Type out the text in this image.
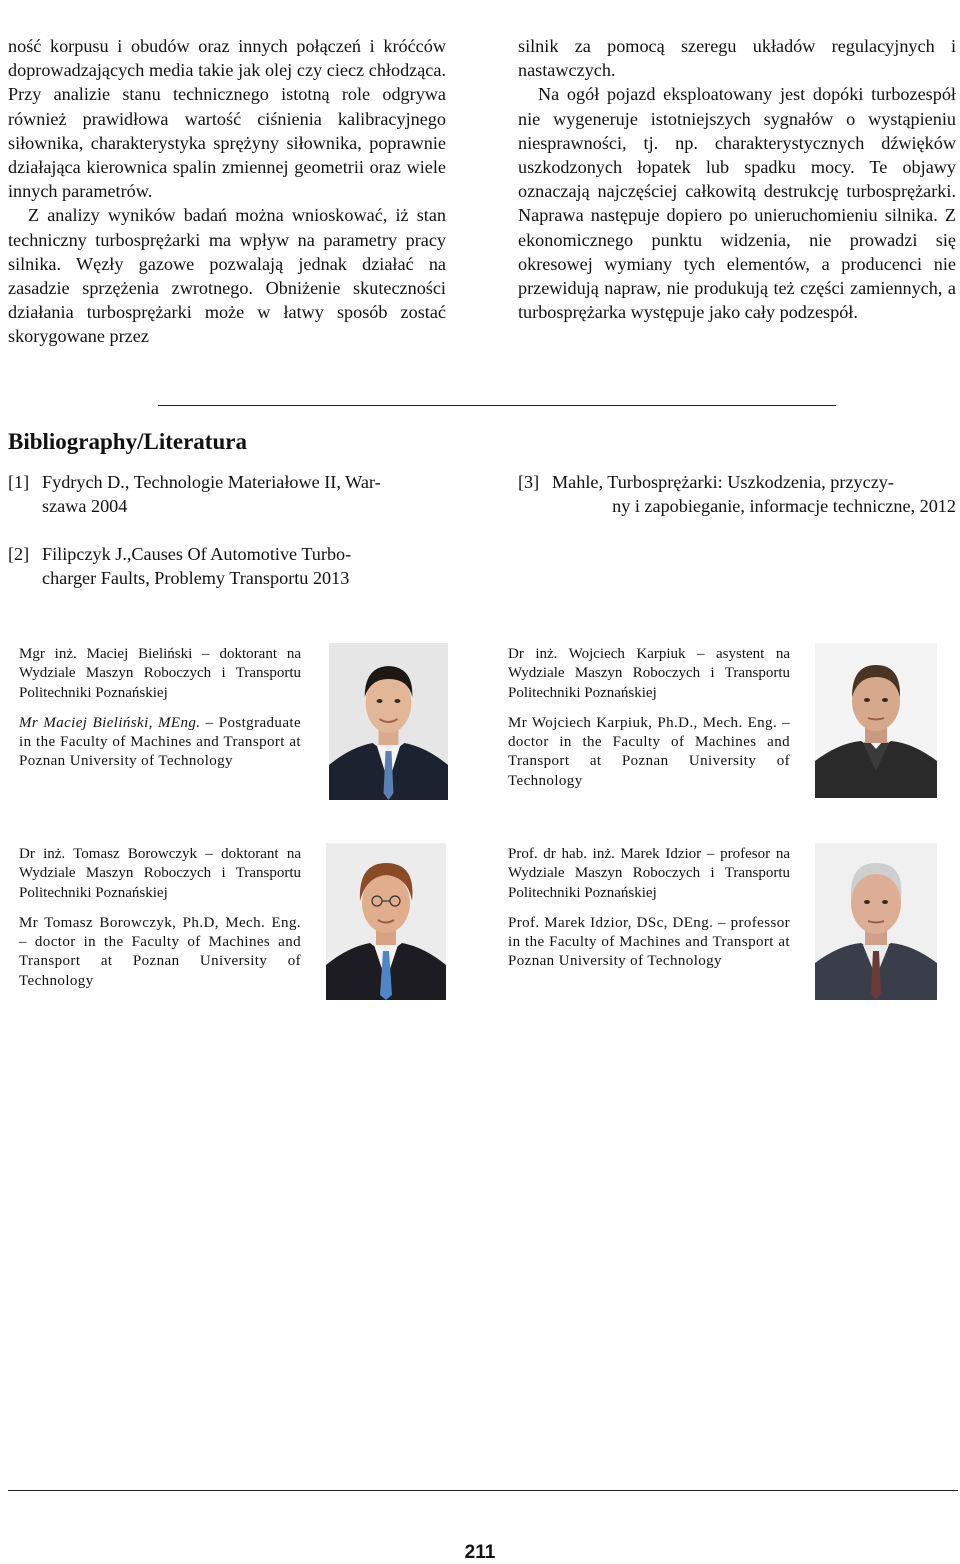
ność korpusu i obudów oraz innych połączeń i króćców doprowadzających media takie jak olej czy ciecz chłodząca. Przy analizie stanu technicznego istotną role odgrywa również prawidłowa wartość ciśnienia kalibracyjnego siłownika, charakterystyka sprężyny siłownika, poprawnie działająca kierownica spalin zmiennej geometrii oraz wiele innych parametrów.

Z analizy wyników badań można wnioskować, iż stan techniczny turbosprężarki ma wpływ na parametry pracy silnika. Węzły gazowe pozwalają jednak działać na zasadzie sprzężenia zwrotnego. Obniżenie skuteczności działania turbosprężarki może w łatwy sposób zostać skorygowane przez

silnik za pomocą szeregu układów regulacyjnych i nastawczych.

Na ogół pojazd eksploatowany jest dopóki turbozespół nie wygeneruje istotniejszych sygnałów o wystąpieniu niesprawności, tj. np. charakterystycznych dźwięków uszkodzonych łopatek lub spadku mocy. Te objawy oznaczają najczęściej całkowitą destrukcję turbosprężarki. Naprawa następuje dopiero po unieruchomieniu silnika. Z ekonomicznego punktu widzenia, nie prowadzi się okresowej wymiany tych elementów, a producenci nie przewidują napraw, nie produkują też części zamiennych, a turbosprężarka występuje jako cały podzespół.

Bibliography/Literatura
[1] Fydrych D., Technologie Materiałowe II, War-
szawa 2004
[2] Filipczyk J.,Causes Of Automotive Turbo-
charger Faults, Problemy Transportu 2013
[3] Mahle, Turbosprężarki: Uszkodzenia, przyczy-
ny i zapobieganie, informacje techniczne, 2012

Mgr inż. Maciej Bieliński – doktorant na Wydziale Maszyn Roboczych i Transportu Politechniki Poznańskiej

Mr Maciej Bieliński, MEng. – Postgraduate in the Faculty of Machines and Transport at Poznan University of Technology

Dr inż. Wojciech Karpiuk – asystent na Wydziale Maszyn Roboczych i Transportu Politechniki Poznańskiej

Mr Wojciech Karpiuk, Ph.D., Mech. Eng. – doctor in the Faculty of Machines and Transport at Poznan University of Technology

Dr inż. Tomasz Borowczyk – doktorant na Wydziale Maszyn Roboczych i Transportu Politechniki Poznańskiej

Mr Tomasz Borowczyk, Ph.D, Mech. Eng. – doctor in the Faculty of Machines and Transport at Poznan University of Technology

Prof. dr hab. inż. Marek Idzior – profesor na Wydziale Maszyn Roboczych i Transportu Politechniki Poznańskiej

Prof. Marek Idzior, DSc, DEng. – professor in the Faculty of Machines and Transport at Poznan University of Technology

211
